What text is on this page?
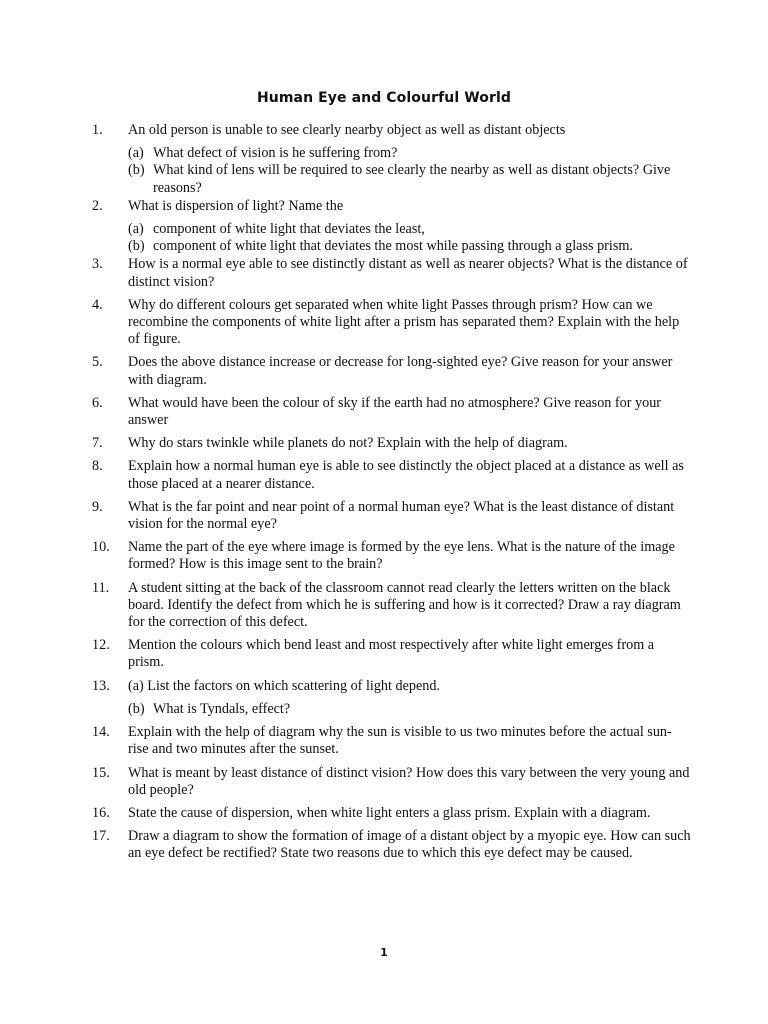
Human Eye and Colourful World
1.	An old person is unable to see clearly nearby object as well as distant objects
(a) What defect of vision is he suffering from?
(b) What kind of lens will be required to see clearly the nearby as well as distant objects? Give reasons?
2.	What is dispersion of light? Name the
(a) component of white light that deviates the least,
(b) component of white light that deviates the most while passing through a glass prism.
3.	How is a normal eye able to see distinctly distant as well as nearer objects? What is the distance of distinct vision?
4.	Why do different colours get separated when white light Passes through prism? How can we recombine the components of white light after a prism has separated them? Explain with the help of figure.
5.	Does the above distance increase or decrease for long-sighted eye? Give reason for your answer with diagram.
6.	What would have been the colour of sky if the earth had no atmosphere? Give reason for your answer
7.	Why do stars twinkle while planets do not? Explain with the help of diagram.
8.	Explain how a normal human eye is able to see distinctly the object placed at a distance as well as those placed at a nearer distance.
9.	What is the far point and near point of a normal human eye? What is the least distance of distant vision for the normal eye?
10.	Name the part of the eye where image is formed by the eye lens. What is the nature of the image formed? How is this image sent to the brain?
11.	A student sitting at the back of the classroom cannot read clearly the letters written on the black board. Identify the defect from which he is suffering and how is it corrected? Draw a ray diagram for the correction of this defect.
12.	Mention the colours which bend least and most respectively after white light emerges from a prism.
13.	(a) List the factors on which scattering of light depend.
(b) What is Tyndals, effect?
14.	Explain with the help of diagram why the sun is visible to us two minutes before the actual sun-rise and two minutes after the sunset.
15.	What is meant by least distance of distinct vision? How does this vary between the very young and old people?
16.	State the cause of dispersion, when white light enters a glass prism. Explain with a diagram.
17.	Draw a diagram to show the formation of image of a distant object by a myopic eye. How can such an eye defect be rectified? State two reasons due to which this eye defect may be caused.
1
